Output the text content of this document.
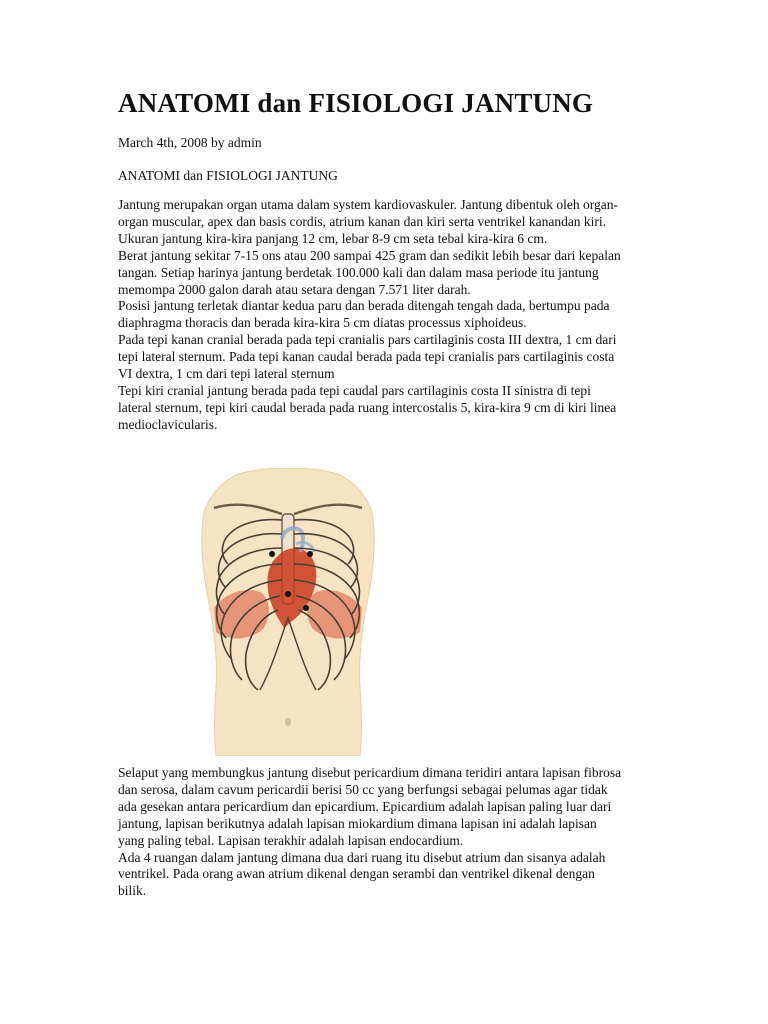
ANATOMI dan FISIOLOGI JANTUNG
March 4th, 2008 by admin
ANATOMI dan FISIOLOGI JANTUNG
Jantung merupakan organ utama dalam system kardiovaskuler. Jantung dibentuk oleh organ-
organ muscular, apex dan basis cordis, atrium kanan dan kiri serta ventrikel kanandan kiri.
Ukuran jantung kira-kira panjang 12 cm, lebar 8-9 cm seta tebal kira-kira 6 cm.
Berat jantung sekitar 7-15 ons atau 200 sampai 425 gram dan sedikit lebih besar dari kepalan
tangan. Setiap harinya jantung berdetak 100.000 kali dan dalam masa periode itu jantung
memompa 2000 galon darah atau setara dengan 7.571 liter darah.
Posisi jantung terletak diantar kedua paru dan berada ditengah tengah dada, bertumpu pada
diaphragma thoracis dan berada kira-kira 5 cm diatas processus xiphoideus.
Pada tepi kanan cranial berada pada tepi cranialis pars cartilaginis costa III dextra, 1 cm dari
tepi lateral sternum. Pada tepi kanan caudal berada pada tepi cranialis pars cartilaginis costa
VI dextra, 1 cm dari tepi lateral sternum
Tepi kiri cranial jantung berada pada tepi caudal pars cartilaginis costa II sinistra di tepi
lateral sternum, tepi kiri caudal berada pada ruang intercostalis 5, kira-kira 9 cm di kiri linea
medioclavicularis.
Selaput yang membungkus jantung disebut pericardium dimana teridiri antara lapisan fibrosa
dan serosa, dalam cavum pericardii berisi 50 cc yang berfungsi sebagai pelumas agar tidak
ada gesekan antara pericardium dan epicardium. Epicardium adalah lapisan paling luar dari
jantung, lapisan berikutnya adalah lapisan miokardium dimana lapisan ini adalah lapisan
yang paling tebal. Lapisan terakhir adalah lapisan endocardium.
Ada 4 ruangan dalam jantung dimana dua dari ruang itu disebut atrium dan sisanya adalah
ventrikel. Pada orang awan atrium dikenal dengan serambi dan ventrikel dikenal dengan
bilik.
